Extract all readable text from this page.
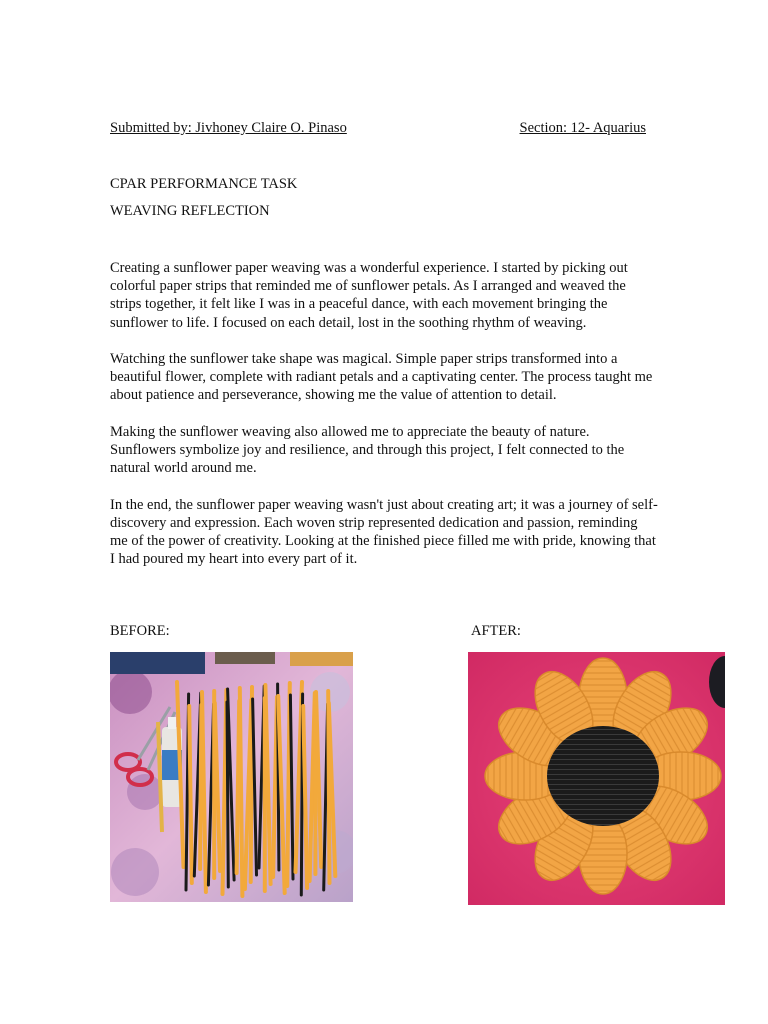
Submitted by: Jivhoney Claire O. Pinaso	Section: 12- Aquarius
CPAR PERFORMANCE TASK
WEAVING REFLECTION

Creating a sunflower paper weaving was a wonderful experience. I started by picking out colorful paper strips that reminded me of sunflower petals. As I arranged and weaved the strips together, it felt like I was in a peaceful dance, with each movement bringing the sunflower to life. I focused on each detail, lost in the soothing rhythm of weaving.

Watching the sunflower take shape was magical. Simple paper strips transformed into a beautiful flower, complete with radiant petals and a captivating center. The process taught me about patience and perseverance, showing me the value of attention to detail.

Making the sunflower weaving also allowed me to appreciate the beauty of nature. Sunflowers symbolize joy and resilience, and through this project, I felt connected to the natural world around me.

In the end, the sunflower paper weaving wasn't just about creating art; it was a journey of self-discovery and expression. Each woven strip represented dedication and passion, reminding me of the power of creativity. Looking at the finished piece filled me with pride, knowing that I had poured my heart into every part of it.

BEFORE:	AFTER:
